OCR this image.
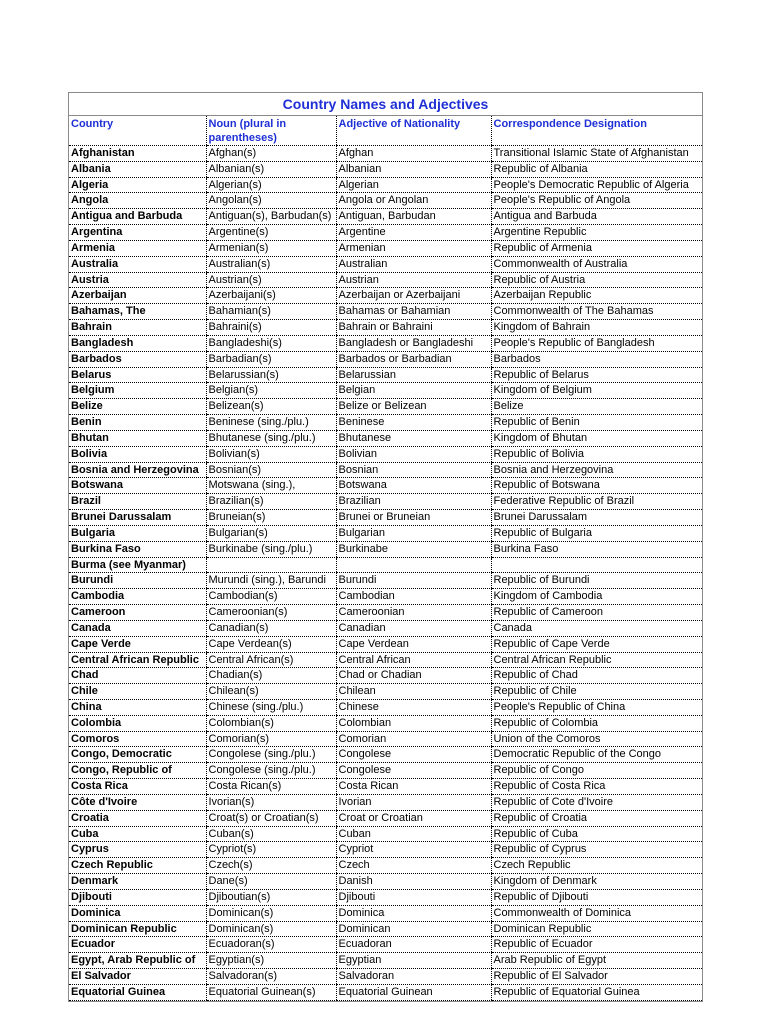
Country Names and Adjectives
Country	Noun (plural in parentheses)	Adjective of Nationality	Correspondence Designation
Afghanistan	Afghan(s)	Afghan	Transitional Islamic State of Afghanistan
Albania	Albanian(s)	Albanian	Republic of Albania
Algeria	Algerian(s)	Algerian	People's Democratic Republic of Algeria
Angola	Angolan(s)	Angola or Angolan	People's Republic of Angola
Antigua and Barbuda	Antiguan(s), Barbudan(s)	Antiguan, Barbudan	Antigua and Barbuda
Argentina	Argentine(s)	Argentine	Argentine Republic
Armenia	Armenian(s)	Armenian	Republic of Armenia
Australia	Australian(s)	Australian	Commonwealth of Australia
Austria	Austrian(s)	Austrian	Republic of Austria
Azerbaijan	Azerbaijani(s)	Azerbaijan or Azerbaijani	Azerbaijan Republic
Bahamas, The	Bahamian(s)	Bahamas or Bahamian	Commonwealth of The Bahamas
Bahrain	Bahraini(s)	Bahrain or Bahraini	Kingdom of Bahrain
Bangladesh	Bangladeshi(s)	Bangladesh or Bangladeshi	People's Republic of Bangladesh
Barbados	Barbadian(s)	Barbados or Barbadian	Barbados
Belarus	Belarussian(s)	Belarussian	Republic of Belarus
Belgium	Belgian(s)	Belgian	Kingdom of Belgium
Belize	Belizean(s)	Belize or Belizean	Belize
Benin	Beninese (sing./plu.)	Beninese	Republic of Benin
Bhutan	Bhutanese (sing./plu.)	Bhutanese	Kingdom of Bhutan
Bolivia	Bolivian(s)	Bolivian	Republic of Bolivia
Bosnia and Herzegovina	Bosnian(s)	Bosnian	Bosnia and Herzegovina
Botswana	Motswana (sing.),	Botswana	Republic of Botswana
Brazil	Brazilian(s)	Brazilian	Federative Republic of Brazil
Brunei Darussalam	Bruneian(s)	Brunei or Bruneian	Brunei Darussalam
Bulgaria	Bulgarian(s)	Bulgarian	Republic of Bulgaria
Burkina Faso	Burkinabe (sing./plu.)	Burkinabe	Burkina Faso
Burma (see Myanmar)			
Burundi	Murundi (sing.), Barundi	Burundi	Republic of Burundi
Cambodia	Cambodian(s)	Cambodian	Kingdom of Cambodia
Cameroon	Cameroonian(s)	Cameroonian	Republic of Cameroon
Canada	Canadian(s)	Canadian	Canada
Cape Verde	Cape Verdean(s)	Cape Verdean	Republic of Cape Verde
Central African Republic	Central African(s)	Central African	Central African Republic
Chad	Chadian(s)	Chad or Chadian	Republic of Chad
Chile	Chilean(s)	Chilean	Republic of Chile
China	Chinese (sing./plu.)	Chinese	People's Republic of China
Colombia	Colombian(s)	Colombian	Republic of Colombia
Comoros	Comorian(s)	Comorian	Union of the Comoros
Congo, Democratic	Congolese (sing./plu.)	Congolese	Democratic Republic of the Congo
Congo, Republic of	Congolese (sing./plu.)	Congolese	Republic of Congo
Costa Rica	Costa Rican(s)	Costa Rican	Republic of Costa Rica
Côte d'Ivoire	Ivorian(s)	Ivorian	Republic of Cote d'Ivoire
Croatia	Croat(s) or Croatian(s)	Croat or Croatian	Republic of Croatia
Cuba	Cuban(s)	Cuban	Republic of Cuba
Cyprus	Cypriot(s)	Cypriot	Republic of Cyprus
Czech Republic	Czech(s)	Czech	Czech Republic
Denmark	Dane(s)	Danish	Kingdom of Denmark
Djibouti	Djiboutian(s)	Djibouti	Republic of Djibouti
Dominica	Dominican(s)	Dominica	Commonwealth of Dominica
Dominican Republic	Dominican(s)	Dominican	Dominican Republic
Ecuador	Ecuadoran(s)	Ecuadoran	Republic of Ecuador
Egypt, Arab Republic of	Egyptian(s)	Egyptian	Arab Republic of Egypt
El Salvador	Salvadoran(s)	Salvadoran	Republic of El Salvador
Equatorial Guinea	Equatorial Guinean(s)	Equatorial Guinean	Republic of Equatorial Guinea
